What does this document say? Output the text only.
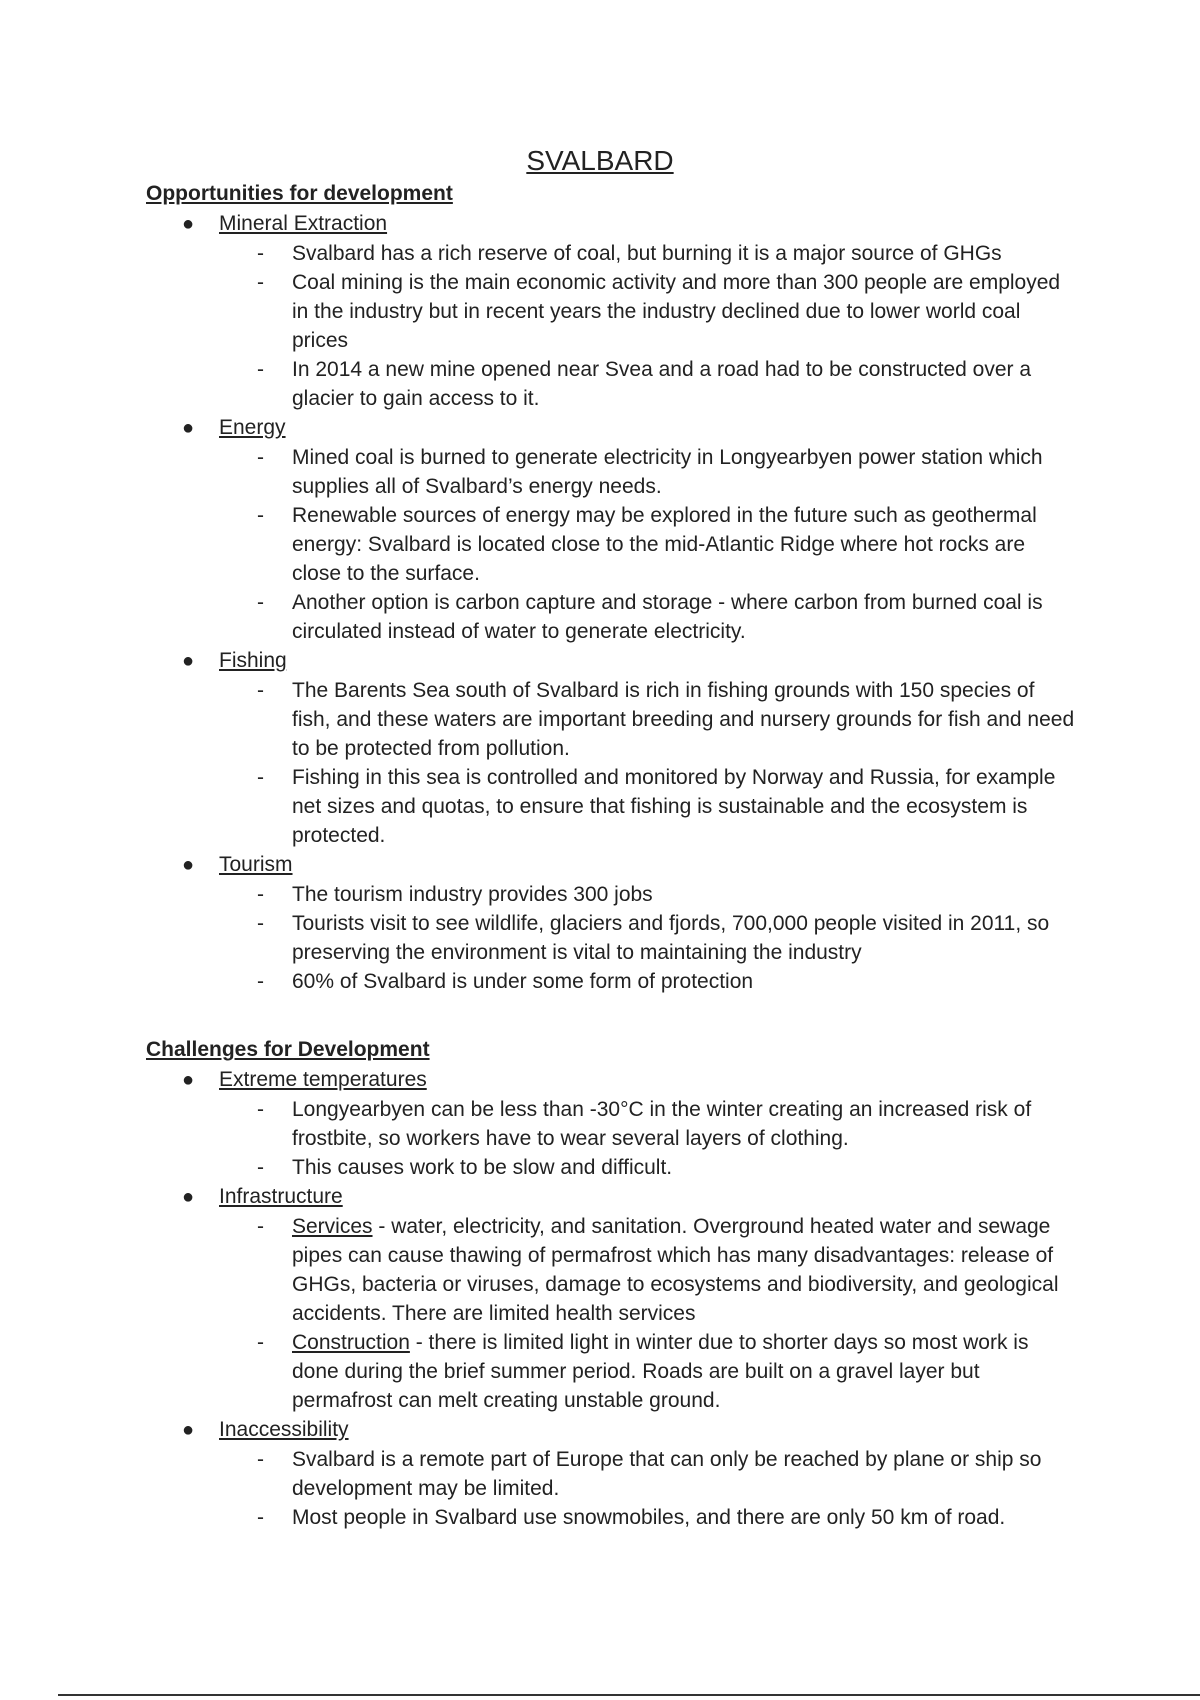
SVALBARD
Opportunities for development
● Mineral Extraction
- Svalbard has a rich reserve of coal, but burning it is a major source of GHGs
- Coal mining is the main economic activity and more than 300 people are employed in the industry but in recent years the industry declined due to lower world coal prices
- In 2014 a new mine opened near Svea and a road had to be constructed over a glacier to gain access to it.
● Energy
- Mined coal is burned to generate electricity in Longyearbyen power station which supplies all of Svalbard’s energy needs.
- Renewable sources of energy may be explored in the future such as geothermal energy: Svalbard is located close to the mid-Atlantic Ridge where hot rocks are close to the surface.
- Another option is carbon capture and storage - where carbon from burned coal is circulated instead of water to generate electricity.
● Fishing
- The Barents Sea south of Svalbard is rich in fishing grounds with 150 species of fish, and these waters are important breeding and nursery grounds for fish and need to be protected from pollution.
- Fishing in this sea is controlled and monitored by Norway and Russia, for example net sizes and quotas, to ensure that fishing is sustainable and the ecosystem is protected.
● Tourism
- The tourism industry provides 300 jobs
- Tourists visit to see wildlife, glaciers and fjords, 700,000 people visited in 2011, so preserving the environment is vital to maintaining the industry
- 60% of Svalbard is under some form of protection
Challenges for Development
● Extreme temperatures
- Longyearbyen can be less than -30°C in the winter creating an increased risk of frostbite, so workers have to wear several layers of clothing.
- This causes work to be slow and difficult.
● Infrastructure
- Services - water, electricity, and sanitation. Overground heated water and sewage pipes can cause thawing of permafrost which has many disadvantages: release of GHGs, bacteria or viruses, damage to ecosystems and biodiversity, and geological accidents. There are limited health services
- Construction - there is limited light in winter due to shorter days so most work is done during the brief summer period. Roads are built on a gravel layer but permafrost can melt creating unstable ground.
● Inaccessibility
- Svalbard is a remote part of Europe that can only be reached by plane or ship so development may be limited.
- Most people in Svalbard use snowmobiles, and there are only 50 km of road.
